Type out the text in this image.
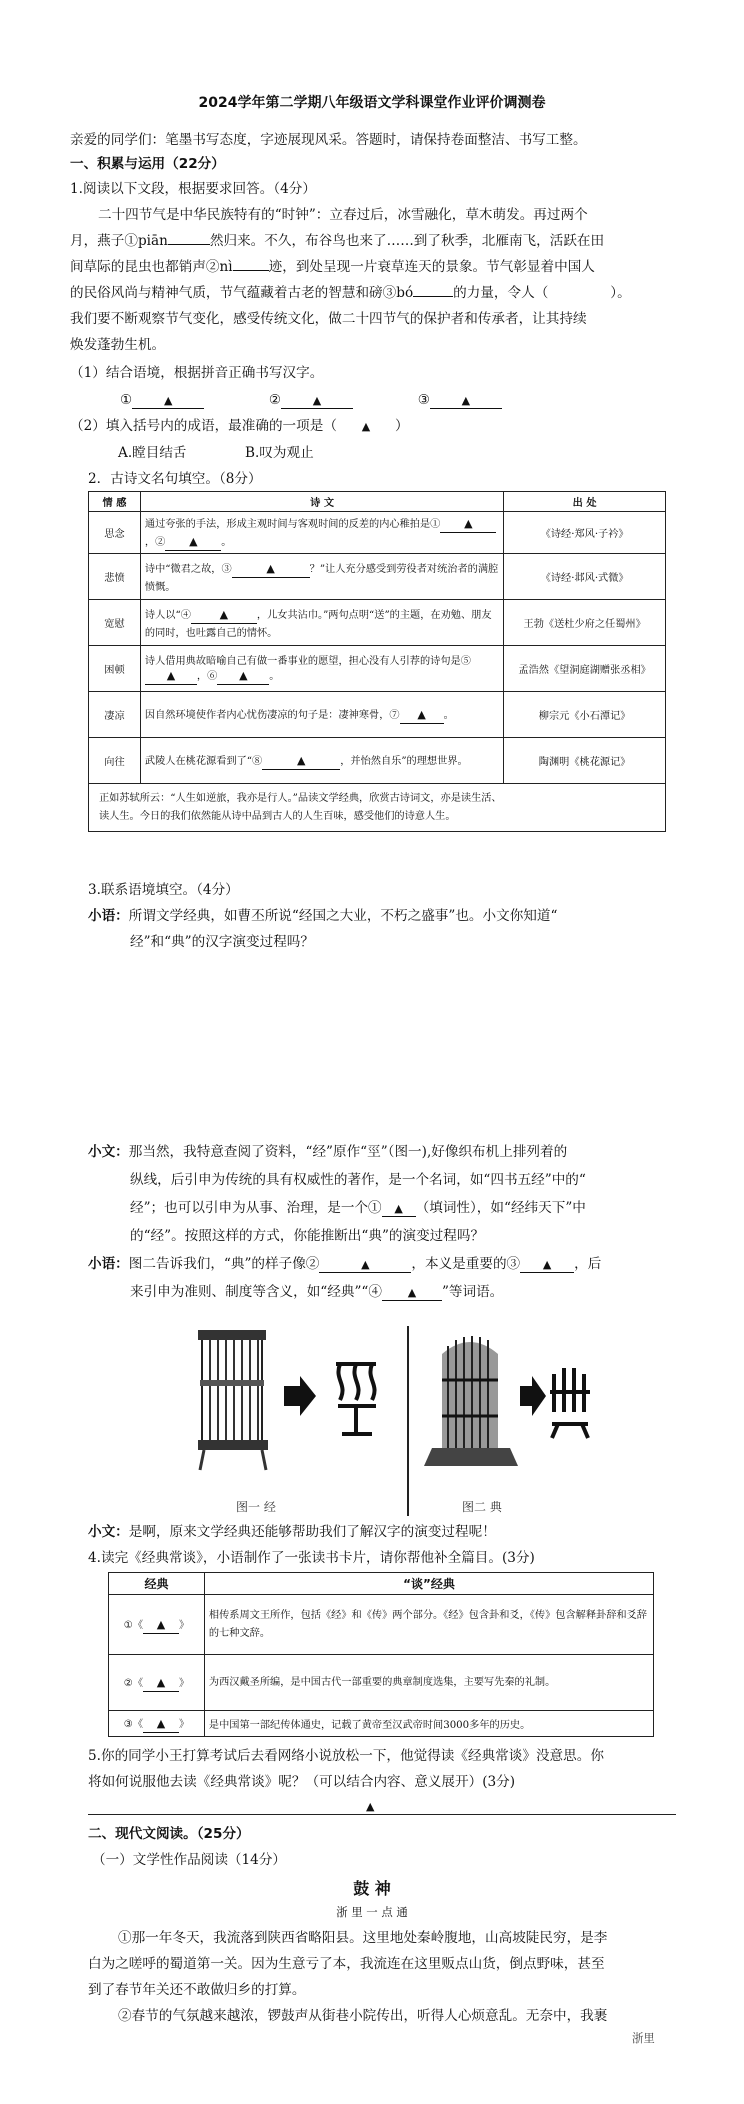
2024学年第二学期八年级语文学科课堂作业评价调测卷
亲爱的同学们：笔墨书写态度，字迹展现风采。答题时，请保持卷面整洁、书写工整。
一、积累与运用（22分）
1.阅读以下文段，根据要求回答。（4分）
二十四节气是中华民族特有的“时钟”：立春过后，冰雪融化，草木萌发。再过两个
月，燕子①piān	然归来。不久，布谷鸟也来了……到了秋季，北雁南飞，活跃在田
间草际的昆虫也都销声②nì	迹，到处呈现一片衰草连天的景象。节气彰显着中国人
的民俗风尚与精神气质，节气蕴藏着古老的智慧和磅③bó	的力量，令人（	）。
我们要不断观察节气变化，感受传统文化，做二十四节气的保护者和传承者，让其持续
焕发蓬勃生机。
（1）结合语境，根据拼音正确书写汉字。
①	▲	②	▲	③	▲
（2）填入括号内的成语，最准确的一项是（ ▲ ）
A.瞠目结舌	B.叹为观止
2．古诗文名句填空。（8分）
情 感	诗 文	出 处
思念	通过夸张的手法，形成主观时间与客观时间的反差的内心稚拍是① ▲，② ▲ 。	《诗经·郑风·子衿》
悲愤	诗中“微君之故，③ ▲ ？”让人充分感受到劳役者对统治者的满腔愤慨。	《诗经·邶风·式微》
宽慰	诗人以“④ ▲ ，儿女共沾巾。”两句点明“送”的主题，在劝勉、朋友的同时，也吐露自己的情怀。	王勃《送杜少府之任蜀州》
困顿	诗人借用典故暗喻自己有做一番事业的愿望，担心没有人引荐的诗句是⑤▲ ，⑥ ▲ 。	孟浩然《望洞庭湖赠张丞相》
凄凉	因自然环境使作者内心忧伤凄凉的句子是：凄神寒骨，⑦ ▲ 。	柳宗元《小石潭记》
向往	武陵人在桃花源看到了“⑧ ▲ ，并怡然自乐”的理想世界。	陶渊明《桃花源记》

正如苏轼所云：“人生如逆旅，我亦是行人。”品读文学经典，欣赏古诗词文，亦是读生活、
读人生。今日的我们依然能从诗中品到古人的人生百味，感受他们的诗意人生。		
3.联系语境填空。（4分）
小语：所谓文学经典，如曹丕所说“经国之大业，不朽之盛事”也。小文你知道“
经”和“典”的汉字演变过程吗？
小文：那当然，我特意查阅了资料，“经”原作“巠”（图一),好像织布机上排列着的
纵线，后引申为传统的具有权威性的著作，是一个名词，如“四书五经”中的“
经”；也可以引申为从事、治理，是一个① ▲ （填词性），如“经纬天下”中
的“经”。按照这样的方式，你能推断出“典”的演变过程吗？
小语：图二告诉我们，“典”的样子像②	▲	，本义是重要的③ ▲ ，后
来引申为准则、制度等含义，如“经典”“④ ▲ ”等词语。
图一 经	图二 典
小文：是啊，原来文学经典还能够帮助我们了解汉字的演变过程呢！
4.读完《经典常谈》，小语制作了一张读书卡片，请你帮他补全篇目。(3分)
经典	“谈”经典
①《 ▲ 》	相传系周文王所作，包括《经》和《传》两个部分。《经》包含卦和爻，《传》包含解释卦辞和爻辞的七种文辞。
②《 ▲ 》	为西汉戴圣所编，是中国古代一部重要的典章制度选集，主要写先秦的礼制。
③《 ▲ 》	是中国第一部纪传体通史，记载了黄帝至汉武帝时间3000多年的历史。
5.你的同学小王打算考试后去看网络小说放松一下，他觉得读《经典常谈》没意思。你
将如何说服他去读《经典常谈》呢？（可以结合内容、意义展开）(3分)
▲
二、现代文阅读。（25分）
（一）文学性作品阅读（14分）
鼓 神
浙 里 一 点 通
①那一年冬天，我流落到陕西省略阳县。这里地处秦岭腹地，山高坡陡民穷，是李
白为之嗟呼的蜀道第一关。因为生意亏了本，我流连在这里贩点山货，倒点野味，甚至
到了春节年关还不敢做归乡的打算。
②春节的气氛越来越浓，锣鼓声从街巷小院传出，听得人心烦意乱。无奈中，我裹
浙里
